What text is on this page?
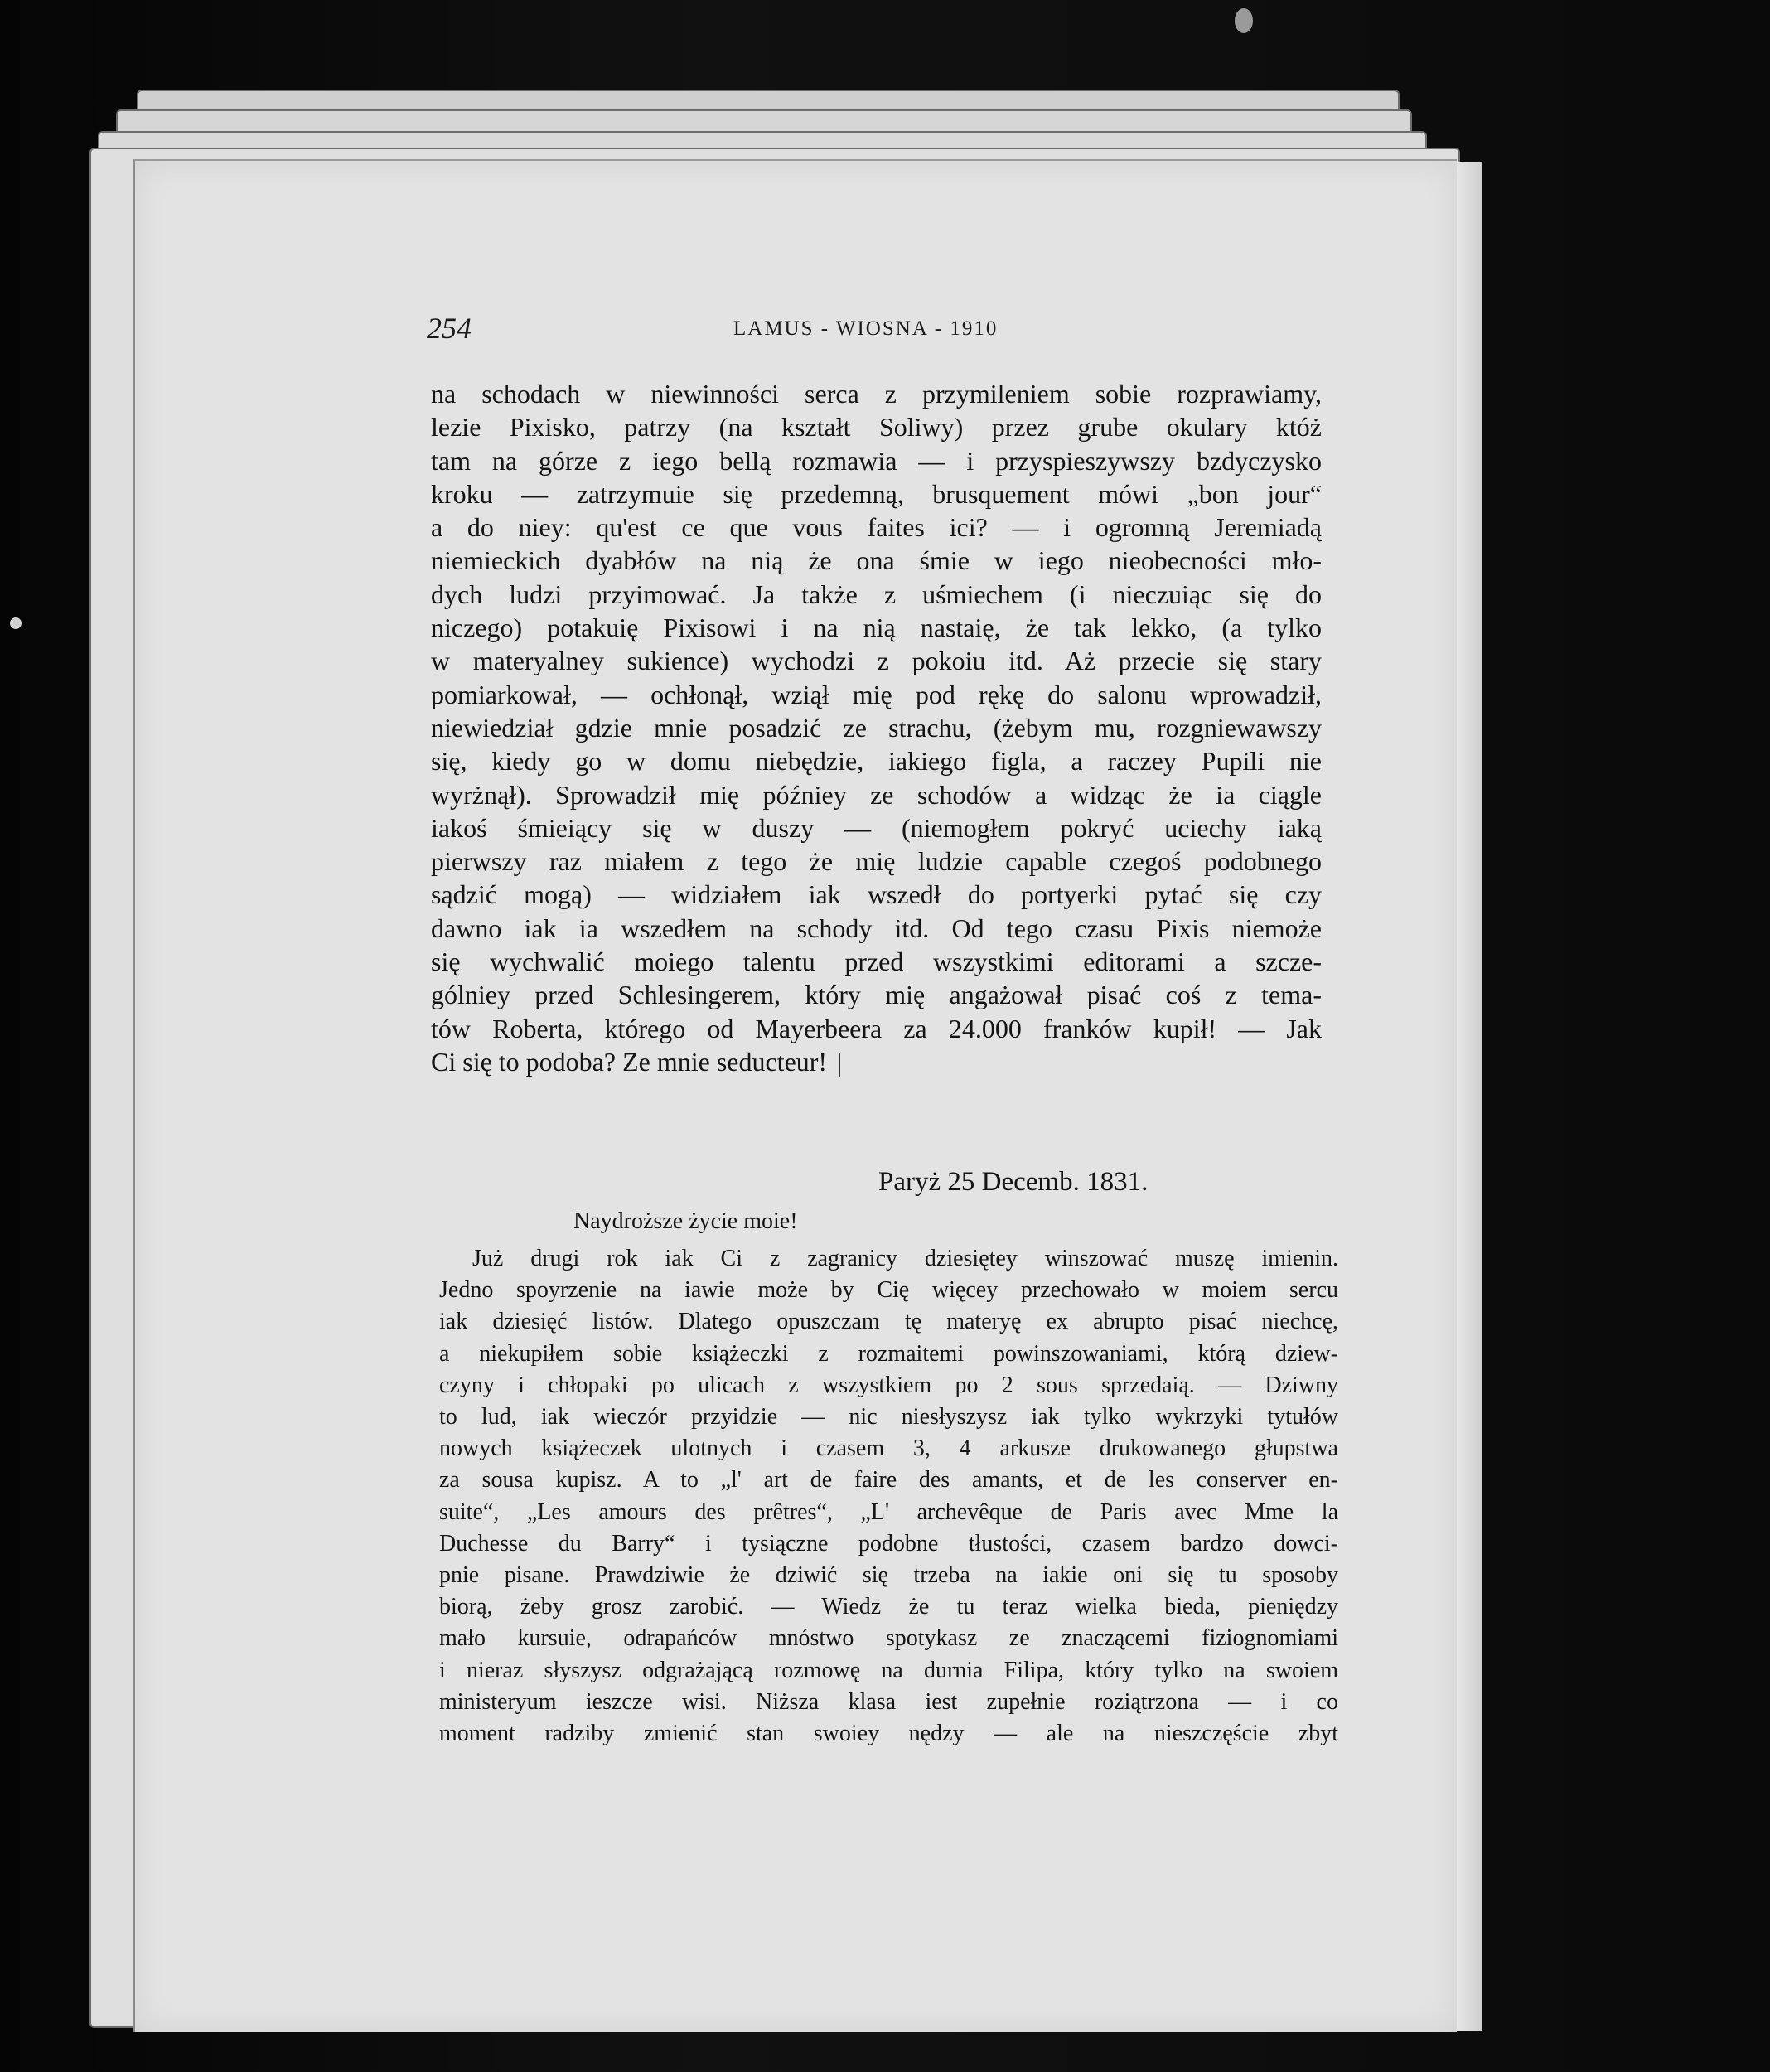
254	LAMUS - WIOSNA - 1910
na schodach w niewinności serca z przymileniem sobie rozprawiamy,
lezie Pixisko, patrzy (na kształt Soliwy) przez grube okulary któż
tam na górze z iego bellą rozmawia — i przyspieszywszy bzdyczysko
kroku — zatrzymuie się przedemną, brusquement mówi „bon jour“
a do niey: qu'est ce que vous faites ici? — i ogromną Jeremiadą
niemieckich dyabłów na nią że ona śmie w iego nieobecności mło-
dych ludzi przyimować. Ja także z uśmiechem (i nieczuiąc się do
niczego) potakuię Pixisowi i na nią nastaię, że tak lekko, (a tylko
w materyalney sukience) wychodzi z pokoiu itd. Aż przecie się stary
pomiarkował, — ochłonął, wziął mię pod rękę do salonu wprowadził,
niewiedział gdzie mnie posadzić ze strachu, (żebym mu, rozgniewawszy
się, kiedy go w domu niebędzie, iakiego figla, a raczey Pupili nie
wyrżnął). Sprowadził mię późniey ze schodów a widząc że ia ciągle
iakoś śmieiący się w duszy — (niemogłem pokryć uciechy iaką
pierwszy raz miałem z tego że mię ludzie capable czegoś podobnego
sądzić mogą) — widziałem iak wszedł do portyerki pytać się czy
dawno iak ia wszedłem na schody itd. Od tego czasu Pixis niemoże
się wychwalić moiego talentu przed wszystkimi editorami a szcze-
gólniey przed Schlesingerem, który mię angażował pisać coś z tema-
tów Roberta, którego od Mayerbeera za 24.000 franków kupił! — Jak
Ci się to podoba? Ze mnie seducteur!
Paryż 25 Decemb. 1831.
Naydroższe życie moie!
Już drugi rok iak Ci z zagranicy dziesiętey winszować muszę imienin.
Jedno spoyrzenie na iawie może by Cię więcey przechowało w moiem sercu
iak dziesięć listów. Dlatego opuszczam tę materyę ex abrupto pisać niechcę,
a niekupiłem sobie książeczki z rozmaitemi powinszowaniami, którą dziew-
czyny i chłopaki po ulicach z wszystkiem po 2 sous sprzedaią. — Dziwny
to lud, iak wieczór przyidzie — nic niesłyszysz iak tylko wykrzyki tytułów
nowych książeczek ulotnych i czasem 3, 4 arkusze drukowanego głupstwa
za sousa kupisz. A to „l' art de faire des amants, et de les conserver en-
suite“, „Les amours des prêtres“, „L' archevêque de Paris avec Mme la
Duchesse du Barry“ i tysiączne podobne tłustości, czasem bardzo dowci-
pnie pisane. Prawdziwie że dziwić się trzeba na iakie oni się tu sposoby
biorą, żeby grosz zarobić. — Wiedz że tu teraz wielka bieda, pieniędzy
mało kursuie, odrapańców mnóstwo spotykasz ze znaczącemi fiziognomiami
i nieraz słyszysz odgrażającą rozmowę na durnia Filipa, który tylko na swoiem
ministeryum ieszcze wisi. Niższa klasa iest zupełnie roziątrzona — i co
moment radziby zmienić stan swoiey nędzy — ale na nieszczęście zbyt
